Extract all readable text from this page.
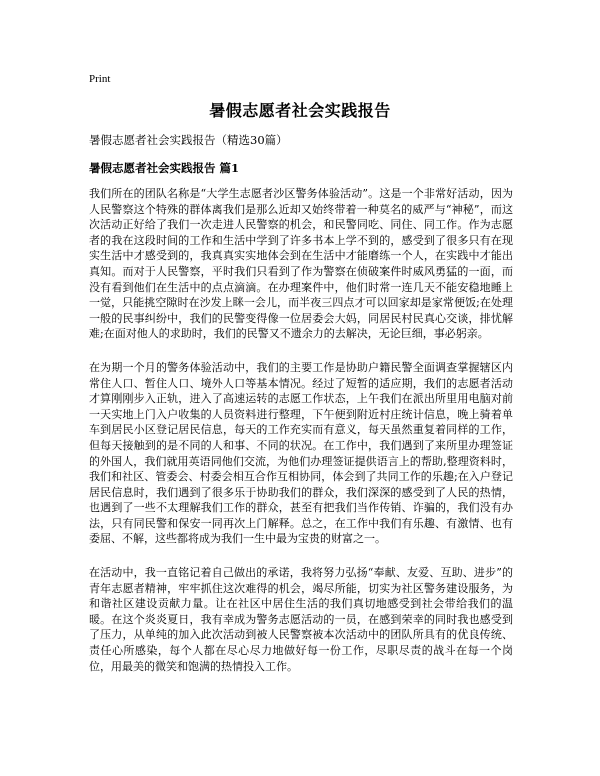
Print
暑假志愿者社会实践报告
暑假志愿者社会实践报告（精选30篇）
暑假志愿者社会实践报告 篇1

我们所在的团队名称是“大学生志愿者沙区警务体验活动”。这是一个非常好活动，因为人民警察这个特殊的群体离我们是那么近却又始终带着一种莫名的威严与“神秘”，而这次活动正好给了我们一次走进人民警察的机会，和民警同吃、同住、同工作。作为志愿者的我在这段时间的工作和生活中学到了许多书本上学不到的，感受到了很多只有在现实生活中才感受到的，我真真实实地体会到在生活中才能磨练一个人，在实践中才能出真知。而对于人民警察，平时我们只看到了作为警察在侦破案件时威风勇猛的一面，而没有看到他们在生活中的点点滴滴。在办理案件中，他们时常一连几天不能安稳地睡上一觉，只能挑空隙时在沙发上眯一会儿，而半夜三四点才可以回家却是家常便饭;在处理一般的民事纠纷中，我们的民警变得像一位居委会大妈，同居民村民真心交谈，排忧解难;在面对他人的求助时，我们的民警又不遗余力的去解决，无论巨细，事必躬亲。

在为期一个月的警务体验活动中，我们的主要工作是协助户籍民警全面调查掌握辖区内常住人口、暂住人口、境外人口等基本情况。经过了短暂的适应期，我们的志愿者活动才算刚刚步入正轨，进入了高速运转的志愿工作状态，上午我们在派出所里用电脑对前一天实地上门入户收集的人员资料进行整理，下午便到附近村庄统计信息，晚上骑着单车到居民小区登记居民信息，每天的工作充实而有意义，每天虽然重复着同样的工作，但每天接触到的是不同的人和事、不同的状况。在工作中，我们遇到了来所里办理签证的外国人，我们就用英语同他们交流，为他们办理签证提供语言上的帮助,整理资料时，我们和社区、管委会、村委会相互合作互相协同，体会到了共同工作的乐趣;在入户登记居民信息时，我们遇到了很多乐于协助我们的群众，我们深深的感受到了人民的热情，也遇到了一些不太理解我们工作的群众，甚至有把我们当作传销、诈骗的，我们没有办法，只有同民警和保安一同再次上门解释。总之，在工作中我们有乐趣、有激情、也有委屈、不解，这些都将成为我们一生中最为宝贵的财富之一。

在活动中，我一直铭记着自己做出的承诺，我将努力弘扬“奉献、友爱、互助、进步”的青年志愿者精神，牢牢抓住这次难得的机会，竭尽所能，切实为社区警务建设服务，为和谐社区建设贡献力量。让在社区中居住生活的我们真切地感受到社会带给我们的温暖。在这个炎炎夏日，我有幸成为警务志愿活动的一员，在感到荣幸的同时我也感受到了压力，从单纯的加入此次活动到被人民警察被本次活动中的团队所具有的优良传统、责任心所感染，每个人都在尽心尽力地做好每一份工作，尽职尽责的战斗在每一个岗位，用最美的微笑和饱满的热情投入工作。
